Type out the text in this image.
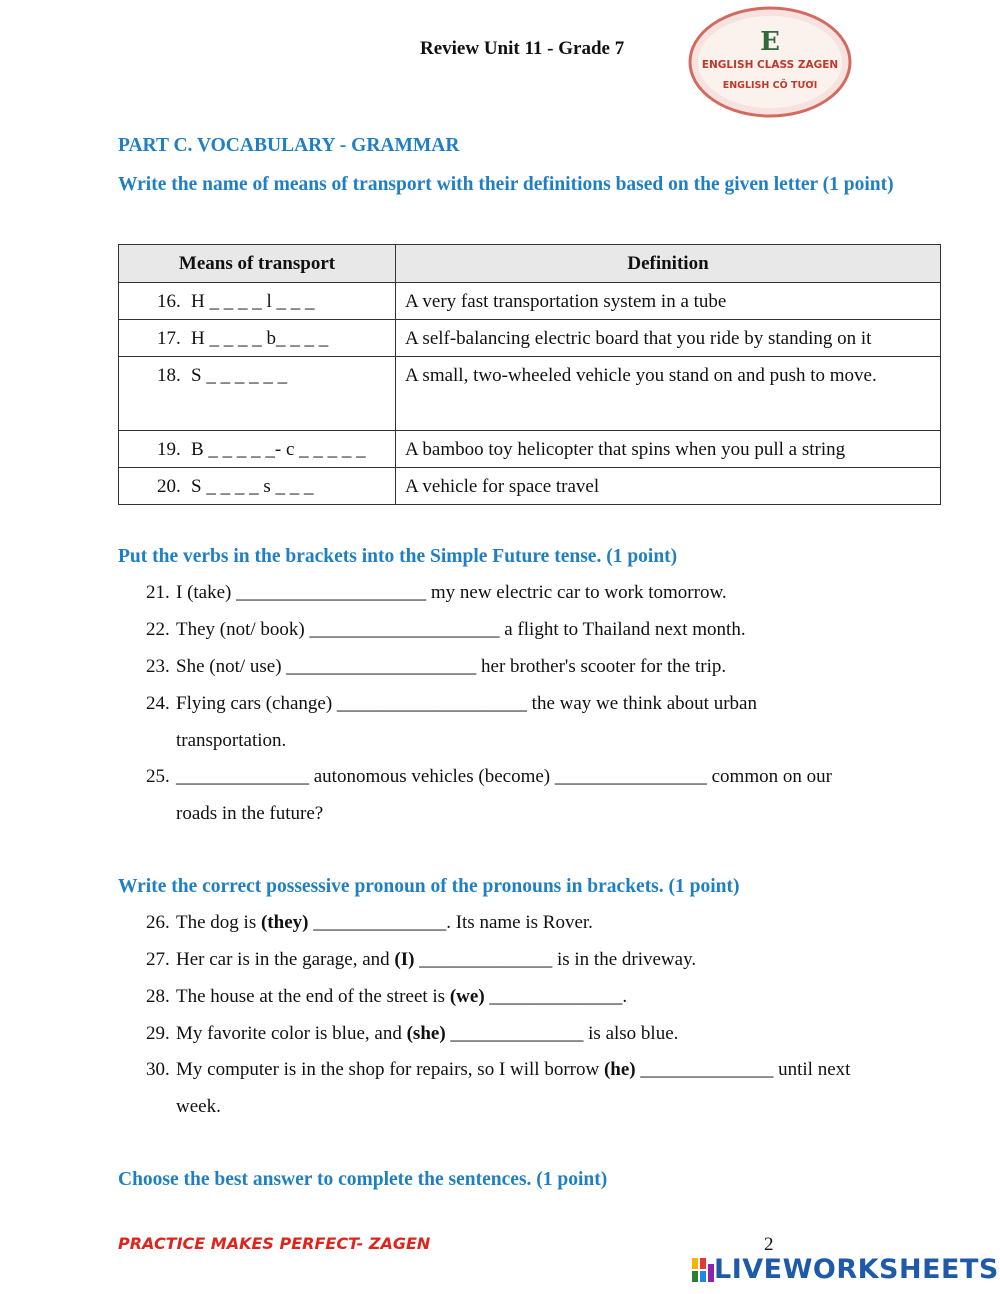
Review Unit 11 - Grade 7	E
ENGLISH CLASS ZAGEN
ENGLISH CÔ TƯƠI
PART C. VOCABULARY - GRAMMAR
Write the name of means of transport with their definitions based on the given letter (1 point)
Means of transport	Definition
16. H _ _ _ _ l _ _ _	A very fast transportation system in a tube
17. H _ _ _ _ b_ _ _ _	A self-balancing electric board that you ride by standing on it
18. S _ _ _ _ _ _	A small, two-wheeled vehicle you stand on and push to move.
19. B _ _ _ _ _- c _ _ _ _ _	A bamboo toy helicopter that spins when you pull a string
20. S _ _ _ _ s _ _ _	A vehicle for space travel
Put the verbs in the brackets into the Simple Future tense. (1 point)
21. I (take) ____________________ my new electric car to work tomorrow.
22. They (not/ book) ____________________ a flight to Thailand next month.
23. She (not/ use) ____________________ her brother's scooter for the trip.
24. Flying cars (change) ____________________ the way we think about urban
transportation.
25. ______________ autonomous vehicles (become) ________________ common on our
roads in the future?
Write the correct possessive pronoun of the pronouns in brackets. (1 point)
26. The dog is (they) ______________. Its name is Rover.
27. Her car is in the garage, and (I) ______________ is in the driveway.
28. The house at the end of the street is (we) ______________.
29. My favorite color is blue, and (she) ______________ is also blue.
30. My computer is in the shop for repairs, so I will borrow (he) ______________ until next
week.
Choose the best answer to complete the sentences. (1 point)
PRACTICE MAKES PERFECT- ZAGEN	2
LIVEWORKSHEETS
